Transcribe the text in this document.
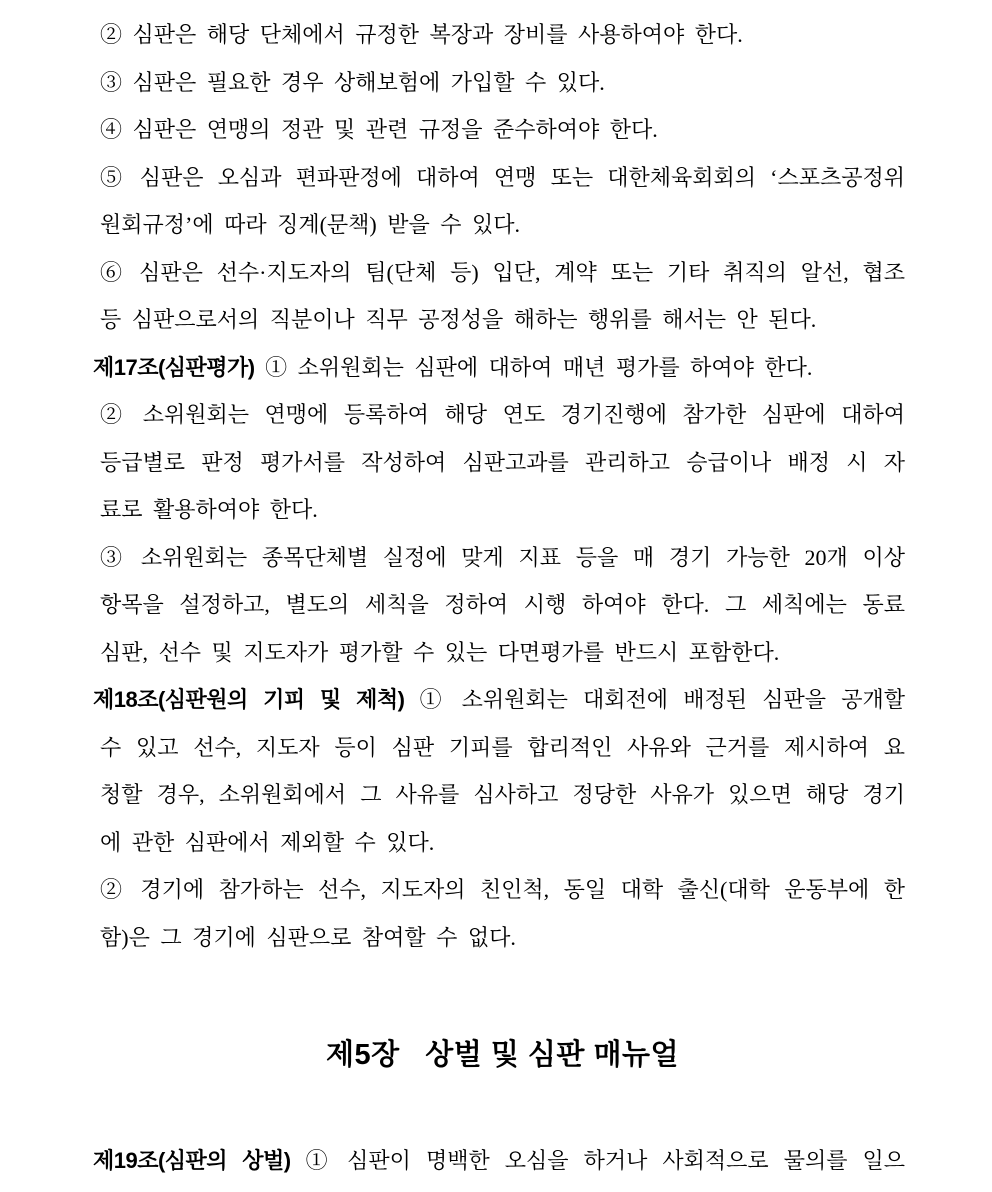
② 심판은 해당 단체에서 규정한 복장과 장비를 사용하여야 한다.
③ 심판은 필요한 경우 상해보험에 가입할 수 있다.
④ 심판은 연맹의 정관 및 관련 규정을 준수하여야 한다.
⑤ 심판은 오심과 편파판정에 대하여 연맹 또는 대한체육회회의 ‘스포츠공정위
원회규정’에 따라 징계(문책) 받을 수 있다.
⑥ 심판은 선수·지도자의 팀(단체 등) 입단, 계약 또는 기타 취직의 알선, 협조
등 심판으로서의 직분이나 직무 공정성을 해하는 행위를 해서는 안 된다.
제17조(심판평가) ① 소위원회는 심판에 대하여 매년 평가를 하여야 한다.
② 소위원회는 연맹에 등록하여 해당 연도 경기진행에 참가한 심판에 대하여
등급별로 판정 평가서를 작성하여 심판고과를 관리하고 승급이나 배정 시 자
료로 활용하여야 한다.
③ 소위원회는 종목단체별 실정에 맞게 지표 등을 매 경기 가능한 20개 이상
항목을 설정하고, 별도의 세칙을 정하여 시행 하여야 한다. 그 세칙에는 동료
심판, 선수 및 지도자가 평가할 수 있는 다면평가를 반드시 포함한다.
제18조(심판원의 기피 및 제척) ① 소위원회는 대회전에 배정된 심판을 공개할
수 있고 선수, 지도자 등이 심판 기피를 합리적인 사유와 근거를 제시하여 요
청할 경우, 소위원회에서 그 사유를 심사하고 정당한 사유가 있으면 해당 경기
에 관한 심판에서 제외할 수 있다.
② 경기에 참가하는 선수, 지도자의 친인척, 동일 대학 출신(대학 운동부에 한
함)은 그 경기에 심판으로 참여할 수 없다.
제5장   상벌 및 심판 매뉴얼
제19조(심판의 상벌) ① 심판이 명백한 오심을 하거나 사회적으로 물의를 일으
